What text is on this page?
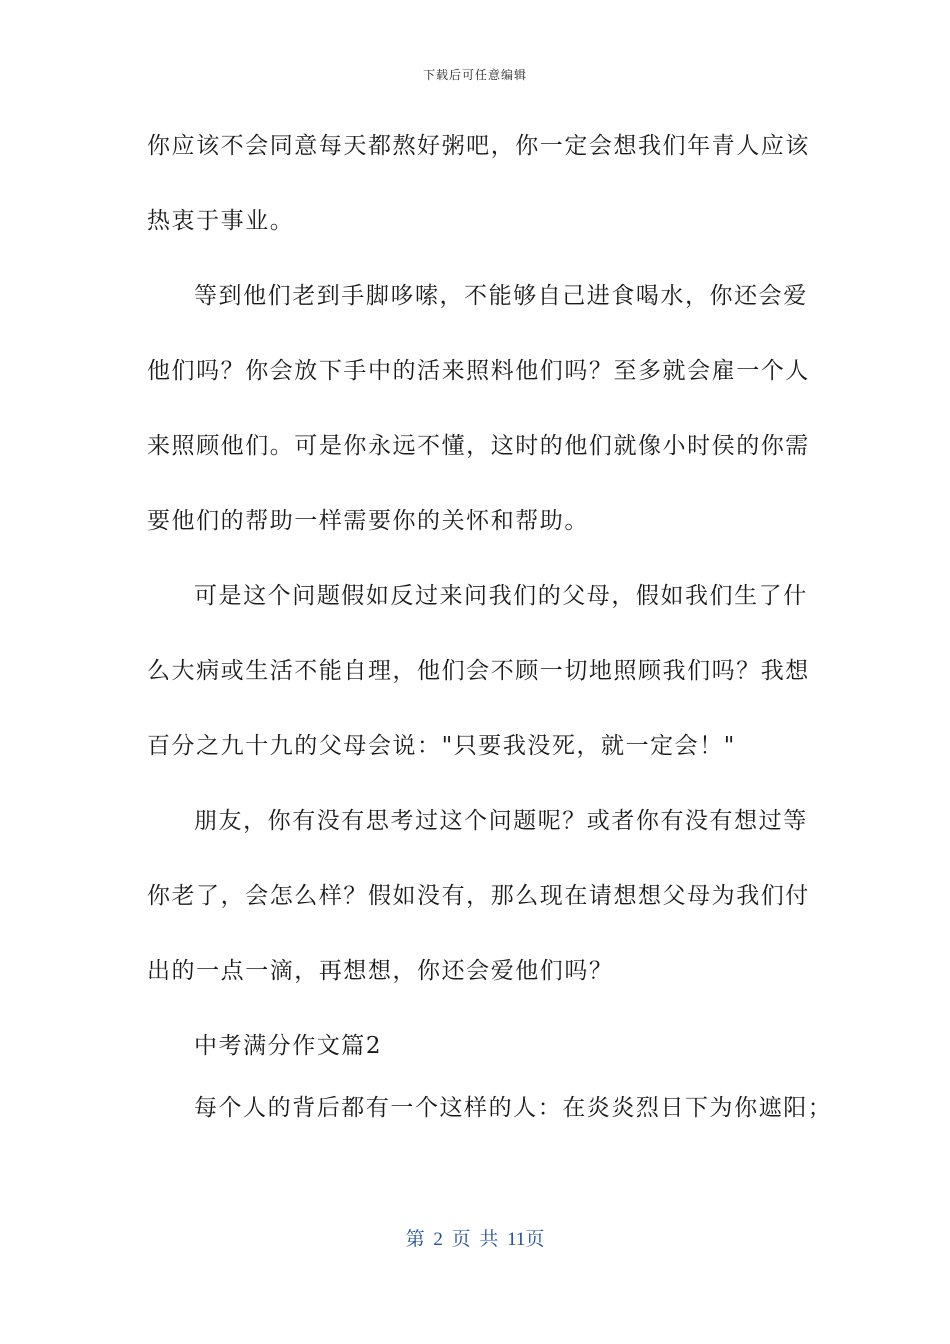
下载后可任意编辑
你应该不会同意每天都熬好粥吧，你一定会想我们年青人应该
热衷于事业。
等到他们老到手脚哆嗦，不能够自己进食喝水，你还会爱
他们吗？你会放下手中的活来照料他们吗？至多就会雇一个人
来照顾他们。可是你永远不懂，这时的他们就像小时侯的你需
要他们的帮助一样需要你的关怀和帮助。
可是这个问题假如反过来问我们的父母，假如我们生了什
么大病或生活不能自理，他们会不顾一切地照顾我们吗？我想
百分之九十九的父母会说："只要我没死，就一定会！"
朋友，你有没有思考过这个问题呢？或者你有没有想过等
你老了，会怎么样？假如没有，那么现在请想想父母为我们付
出的一点一滴，再想想，你还会爱他们吗？
中考满分作文篇2
每个人的背后都有一个这样的人：在炎炎烈日下为你遮阳；
第 2 页 共 11页
